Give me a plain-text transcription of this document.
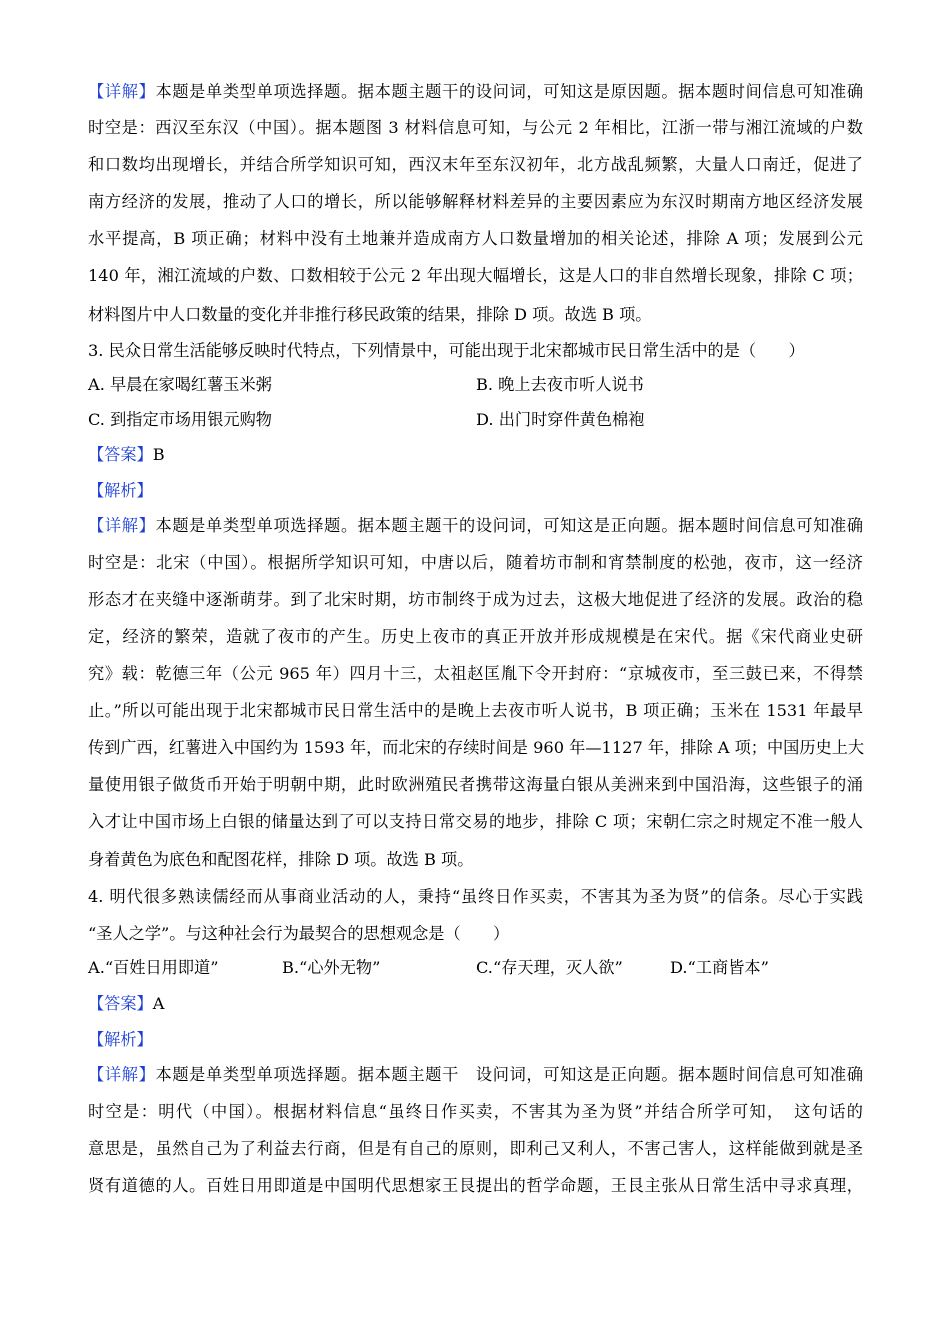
【详解】本题是单类型单项选择题。据本题主题干的设问词，可知这是原因题。据本题时间信息可知准确
时空是：西汉至东汉（中国）。据本题图 3 材料信息可知，与公元 2 年相比，江浙一带与湘江流域的户数
和口数均出现增长，并结合所学知识可知，西汉末年至东汉初年，北方战乱频繁，大量人口南迁，促进了
南方经济的发展，推动了人口的增长，所以能够解释材料差异的主要因素应为东汉时期南方地区经济发展
水平提高，B 项正确；材料中没有土地兼并造成南方人口数量增加的相关论述，排除 A 项；发展到公元
140 年，湘江流域的户数、口数相较于公元 2 年出现大幅增长，这是人口的非自然增长现象，排除 C 项；
材料图片中人口数量的变化并非推行移民政策的结果，排除 D 项。故选 B 项。
3. 民众日常生活能够反映时代特点，下列情景中，可能出现于北宋都城市民日常生活中的是（　　）
A. 早晨在家喝红薯玉米粥	B. 晚上去夜市听人说书
C. 到指定市场用银元购物	D. 出门时穿件黄色棉袍
【答案】B
【解析】
【详解】本题是单类型单项选择题。据本题主题干的设问词，可知这是正向题。据本题时间信息可知准确
时空是：北宋（中国）。根据所学知识可知，中唐以后，随着坊市制和宵禁制度的松弛，夜市，这一经济
形态才在夹缝中逐渐萌芽。到了北宋时期，坊市制终于成为过去，这极大地促进了经济的发展。政治的稳
定，经济的繁荣，造就了夜市的产生。历史上夜市的真正开放并形成规模是在宋代。据《宋代商业史研
究》载：乾德三年（公元 965 年）四月十三，太祖赵匡胤下令开封府：“京城夜市，至三鼓已来，不得禁
止。”所以可能出现于北宋都城市民日常生活中的是晚上去夜市听人说书，B 项正确；玉米在 1531 年最早
传到广西，红薯进入中国约为 1593 年，而北宋的存续时间是 960 年—1127 年，排除 A 项；中国历史上大
量使用银子做货币开始于明朝中期，此时欧洲殖民者携带这海量白银从美洲来到中国沿海，这些银子的涌
入才让中国市场上白银的储量达到了可以支持日常交易的地步，排除 C 项；宋朝仁宗之时规定不准一般人
身着黄色为底色和配图花样，排除 D 项。故选 B 项。
4. 明代很多熟读儒经而从事商业活动的人，秉持“虽终日作买卖，不害其为圣为贤”的信条。尽心于实践
“圣人之学”。与这种社会行为最契合的思想观念是（　　）
A.“百姓日用即道”	B.“心外无物”	C.“存天理，灭人欲”	D.“工商皆本”
【答案】A
【解析】
【详解】本题是单类型单项选择题。据本题主题干　设问词，可知这是正向题。据本题时间信息可知准确
时空是：明代（中国）。根据材料信息“虽终日作买卖，不害其为圣为贤”并结合所学可知，　这句话的
意思是，虽然自己为了利益去行商，但是有自己的原则，即利己又利人，不害己害人，这样能做到就是圣
贤有道德的人。百姓日用即道是中国明代思想家王艮提出的哲学命题，王艮主张从日常生活中寻求真理，
